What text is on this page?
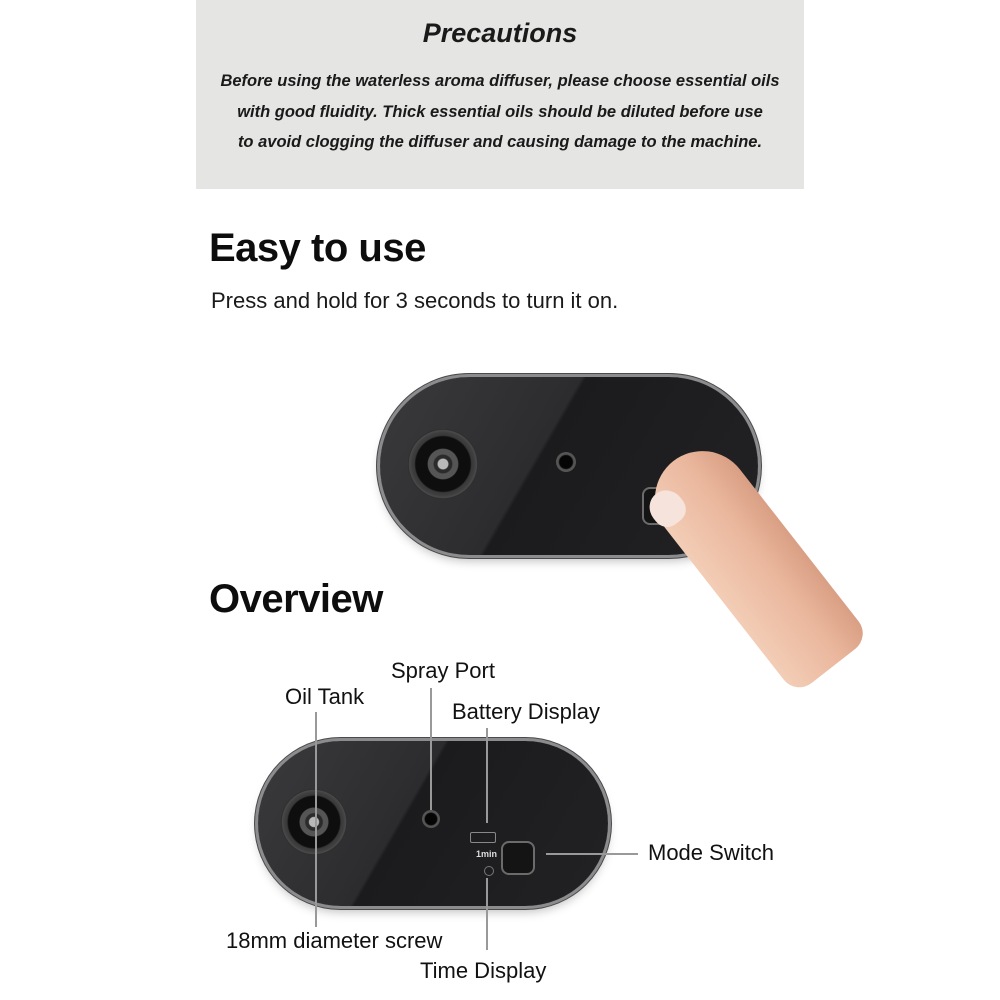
Precautions
Before using the waterless aroma diffuser, please choose essential oils
with good fluidity. Thick essential oils should be diluted before use
to avoid clogging the diffuser and causing damage to the machine.
Easy to use
Press and hold for 3 seconds to turn it on.
Overview
Spray Port
Oil Tank
Battery Display
Mode Switch
18mm diameter screw
Time Display
1min
